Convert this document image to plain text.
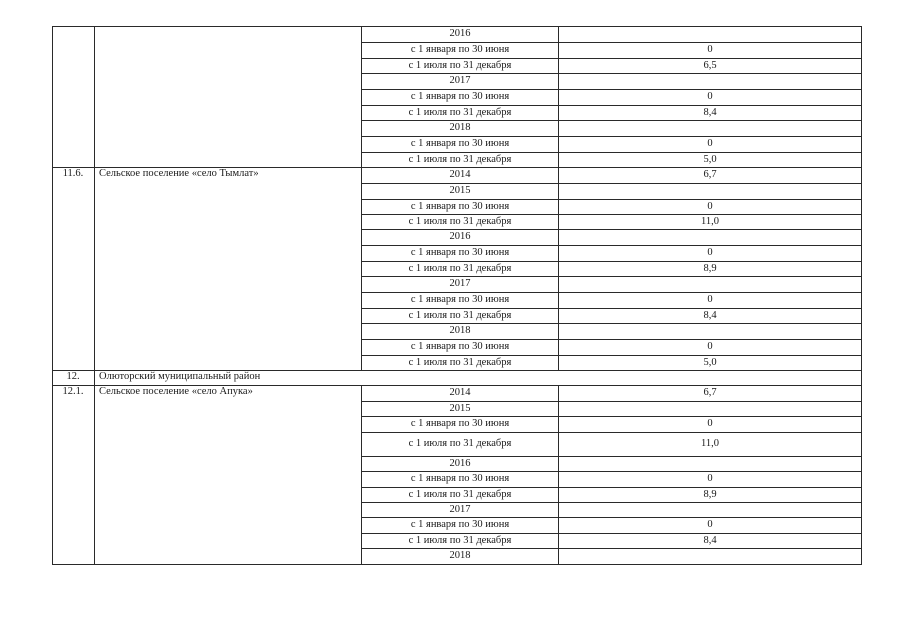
2016
с 1 января по 30 июня	0
с 1 июля по 31 декабря	6,5
2017
с 1 января по 30 июня	0
с 1 июля по 31 декабря	8,4
2018
с 1 января по 30 июня	0
с 1 июля по 31 декабря	5,0
11.6.	Сельское поселение «село Тымлат»	2014	6,7
2015
с 1 января по 30 июня	0
с 1 июля по 31 декабря	11,0
2016
с 1 января по 30 июня	0
с 1 июля по 31 декабря	8,9
2017
с 1 января по 30 июня	0
с 1 июля по 31 декабря	8,4
2018
с 1 января по 30 июня	0
с 1 июля по 31 декабря	5,0
12.	Олюторский муниципальный район
12.1.	Сельское поселение «село Апука»	2014	6,7
2015
с 1 января по 30 июня	0
с 1 июля по 31 декабря	11,0
2016
с 1 января по 30 июня	0
с 1 июля по 31 декабря	8,9
2017
с 1 января по 30 июня	0
с 1 июля по 31 декабря	8,4
2018
